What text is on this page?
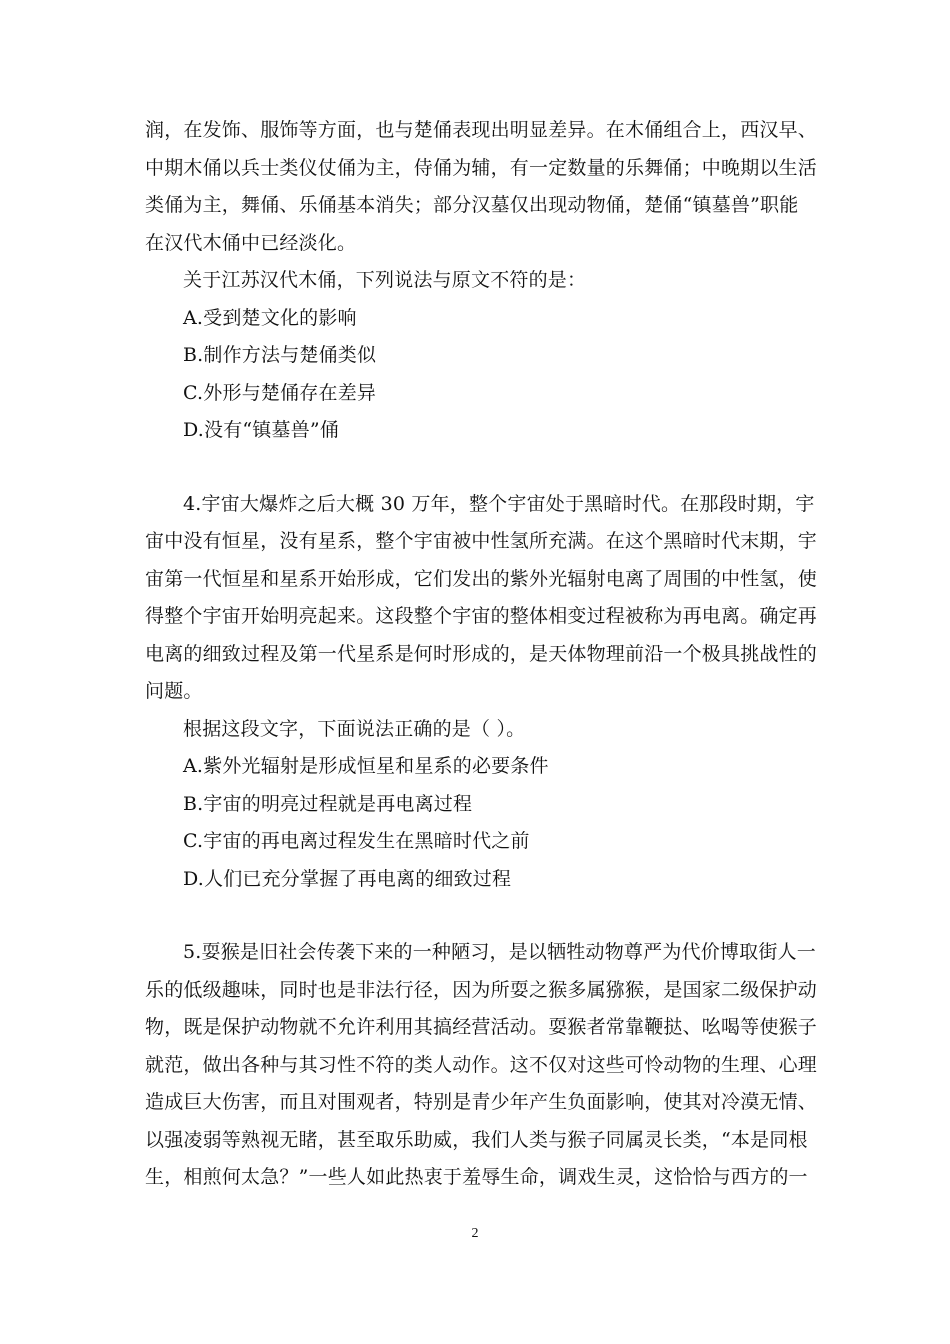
润，在发饰、服饰等方面，也与楚俑表现出明显差异。在木俑组合上，西汉早、
中期木俑以兵士类仪仗俑为主，侍俑为辅，有一定数量的乐舞俑；中晚期以生活
类俑为主，舞俑、乐俑基本消失；部分汉墓仅出现动物俑，楚俑“镇墓兽”职能
在汉代木俑中已经淡化。
关于江苏汉代木俑，下列说法与原文不符的是：
A.受到楚文化的影响
B.制作方法与楚俑类似
C.外形与楚俑存在差异
D.没有“镇墓兽”俑
4.宇宙大爆炸之后大概 30 万年，整个宇宙处于黑暗时代。在那段时期，宇
宙中没有恒星，没有星系，整个宇宙被中性氢所充满。在这个黑暗时代末期，宇
宙第一代恒星和星系开始形成，它们发出的紫外光辐射电离了周围的中性氢，使
得整个宇宙开始明亮起来。这段整个宇宙的整体相变过程被称为再电离。确定再
电离的细致过程及第一代星系是何时形成的，是天体物理前沿一个极具挑战性的
问题。
根据这段文字，下面说法正确的是（ ）。
A.紫外光辐射是形成恒星和星系的必要条件
B.宇宙的明亮过程就是再电离过程
C.宇宙的再电离过程发生在黑暗时代之前
D.人们已充分掌握了再电离的细致过程
5.耍猴是旧社会传袭下来的一种陋习，是以牺牲动物尊严为代价博取街人一
乐的低级趣味，同时也是非法行径，因为所耍之猴多属猕猴，是国家二级保护动
物，既是保护动物就不允许利用其搞经营活动。耍猴者常靠鞭挞、吆喝等使猴子
就范，做出各种与其习性不符的类人动作。这不仅对这些可怜动物的生理、心理
造成巨大伤害，而且对围观者，特别是青少年产生负面影响，使其对冷漠无情、
以强凌弱等熟视无睹，甚至取乐助威，我们人类与猴子同属灵长类，“本是同根
生，相煎何太急？”一些人如此热衷于羞辱生命，调戏生灵，这恰恰与西方的一
2
